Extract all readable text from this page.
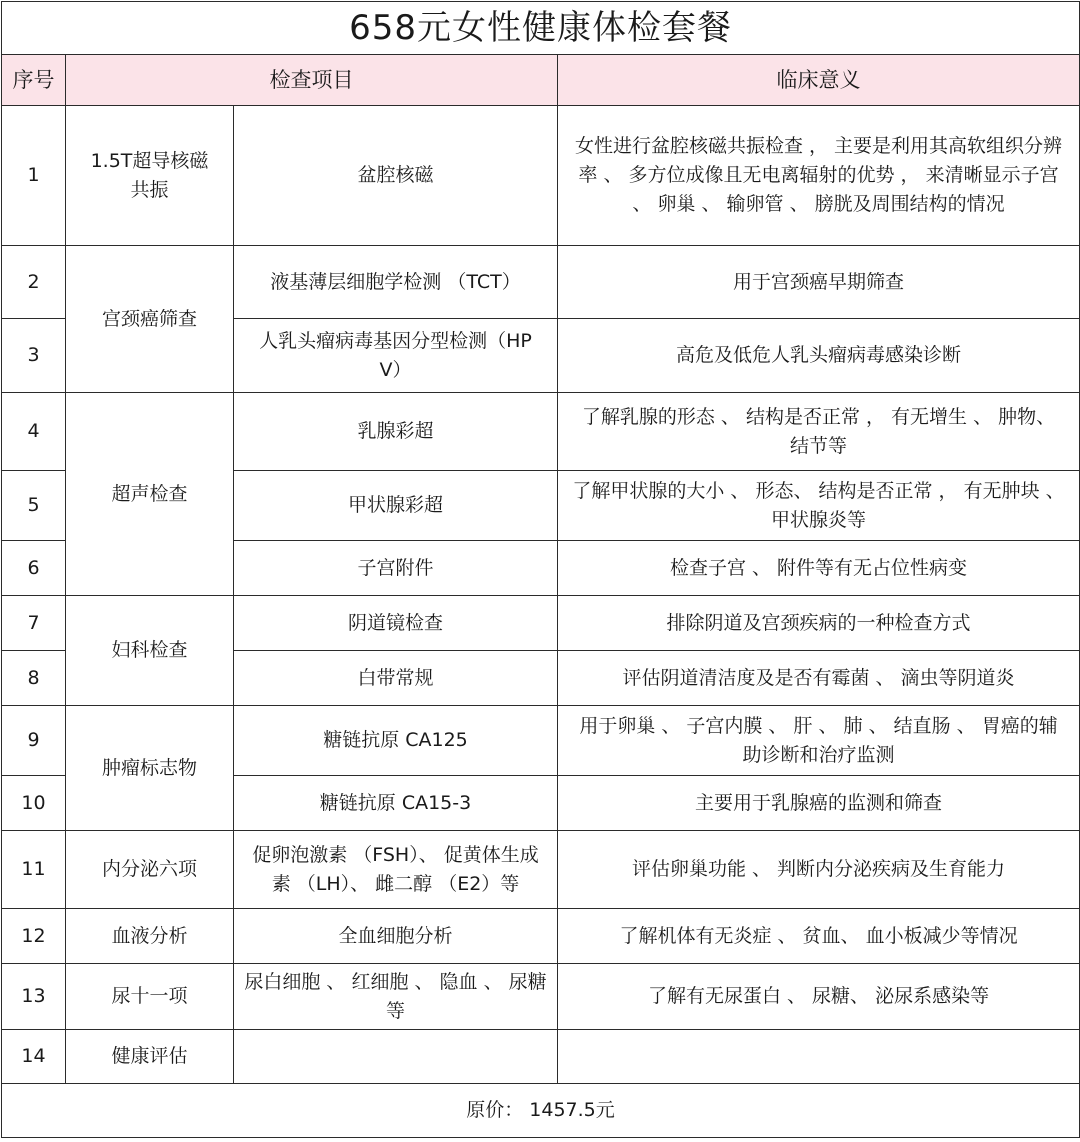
658元女性健康体检套餐			
序号	检查项目		临床意义
1	1.5T超导核磁共振	盆腔核磁	女性进行盆腔核磁共振检查 ， 主要是利用其高软组织分辨率 、 多方位成像且无电离辐射的优势 ， 来清晰显示子宫 、 卵巢 、 输卵管 、 膀胱及周围结构的情况
2	宫颈癌筛查	液基薄层细胞学检测 （TCT）	用于宫颈癌早期筛查
3		人乳头瘤病毒基因分型检测（HPV）	高危及低危人乳头瘤病毒感染诊断
4	超声检查	乳腺彩超	了解乳腺的形态 、 结构是否正常 ， 有无增生 、 肿物、 结节等
5		甲状腺彩超	了解甲状腺的大小 、 形态、 结构是否正常 ， 有无肿块 、 甲状腺炎等
6		子宫附件	检查子宫 、 附件等有无占位性病变
7	妇科检查	阴道镜检查	排除阴道及宫颈疾病的一种检查方式
8		白带常规	评估阴道清洁度及是否有霉菌 、 滴虫等阴道炎
9	肿瘤标志物	糖链抗原 CA125	用于卵巢 、 子宫内膜 、 肝 、 肺 、 结直肠 、 胃癌的辅助诊断和治疗监测
10		糖链抗原 CA15-3	主要用于乳腺癌的监测和筛查
11	内分泌六项	促卵泡激素 （FSH）、 促黄体生成素 （LH）、 雌二醇 （E2）等	评估卵巢功能 、 判断内分泌疾病及生育能力
12	血液分析	全血细胞分析	了解机体有无炎症 、 贫血、 血小板减少等情况
13	尿十一项	尿白细胞 、 红细胞 、 隐血 、 尿糖等	了解有无尿蛋白 、 尿糖、 泌尿系感染等
14	健康评估		
原价： 1457.5元			
